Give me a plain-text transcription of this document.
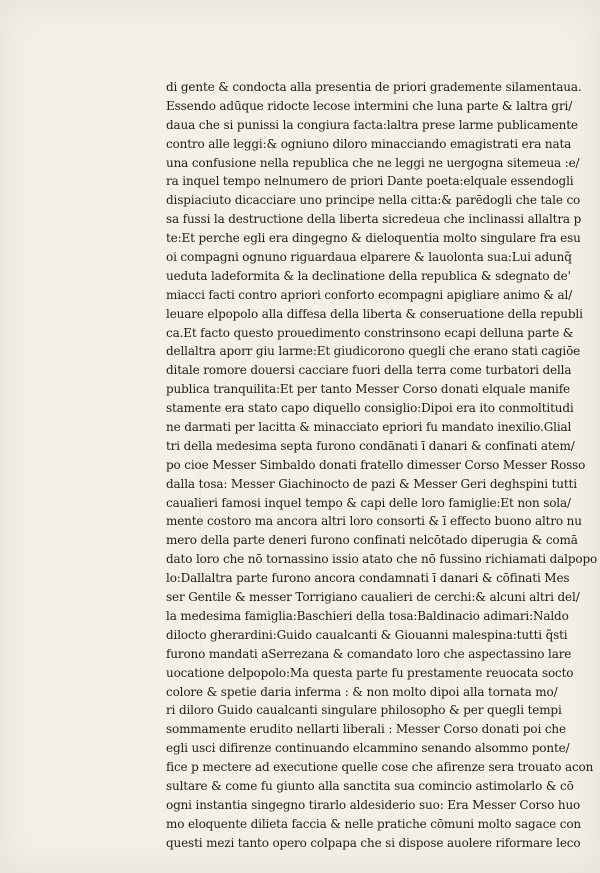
di gente & condocta alla presentia de priori grademente silamentaua.
Essendo adūque ridocte lecose intermini che luna parte & laltra gri/
daua che si punissi la congiura facta:laltra prese larme publicamente
contro alle leggi:& ogniuno diloro minacciando emagistrati era nata
una confusione nella republica che ne leggi ne uergogna sitemeua :e/
ra inquel tempo nelnumero de priori Dante poeta:elquale essendogli
dispiaciuto dicacciare uno principe nella citta:& parēdogli che tale co
sa fussi la destructione della liberta sicredeua che inclinassi allaltra p
te:Et perche egli era dingegno & dieloquentia molto singulare fra esu
oi compagni ognuno riguardaua elparere & lauolonta sua:Lui adunq̃
ueduta ladeformita & la declinatione della republica & sdegnato de'
miacci facti contro apriori conforto ecompagni apigliare animo & al/
leuare elpopolo alla diffesa della liberta & conseruatione della republi
ca.Et facto questo prouedimento constrinsono ecapi delluna parte &
dellaltra aporr giu larme:Et giudicorono quegli che erano stati cagiōe
ditale romore douersi cacciare fuori della terra come turbatori della
publica tranquilita:Et per tanto Messer Corso donati elquale manife
stamente era stato capo diquello consiglio:Dipoi era ito conmoltitudi
ne darmati per lacitta & minacciato epriori fu mandato inexilio.Glial
tri della medesima septa furono condānati ī danari & confinati atem/
po cioe Messer Simbaldo donati fratello dimesser Corso Messer Rosso
dalla tosa: Messer Giachinocto de pazi & Messer Geri deghspini tutti
caualieri famosi inquel tempo & capi delle loro famiglie:Et non sola/
mente costoro ma ancora altri loro consorti & ī effecto buono altro nu
mero della parte deneri furono confinati nelcōtado diperugia & comā
dato loro che nō tornassino issio atato che nō fussino richiamati dalpopo
lo:Dallaltra parte furono ancora condamnati ī danari & cōfinati Mes
ser Gentile & messer Torrigiano caualieri de cerchi:& alcuni altri del/
la medesima famiglia:Baschieri della tosa:Baldinacio adimari:Naldo
dilocto gherardini:Guido caualcanti & Giouanni malespina:tutti q̃sti
furono mandati aSerrezana & comandato loro che aspectassino lare
uocatione delpopolo:Ma questa parte fu prestamente reuocata socto
colore & spetie daria inferma : & non molto dipoi alla tornata mo/
ri diloro Guido caualcanti singulare philosopho & per quegli tempi
sommamente erudito nellarti liberali : Messer Corso donati poi che
egli usci difirenze continuando elcammino senando alsommo ponte/
fice p mectere ad executione quelle cose che afirenze sera trouato acon
sultare & come fu giunto alla sanctita sua comincio astimolarlo & cō
ogni instantia singegno tirarlo aldesiderio suo: Era Messer Corso huo
mo eloquente dilieta faccia & nelle pratiche cōmuni molto sagace con
questi mezi tanto opero colpapa che si dispose auolere riformare leco
